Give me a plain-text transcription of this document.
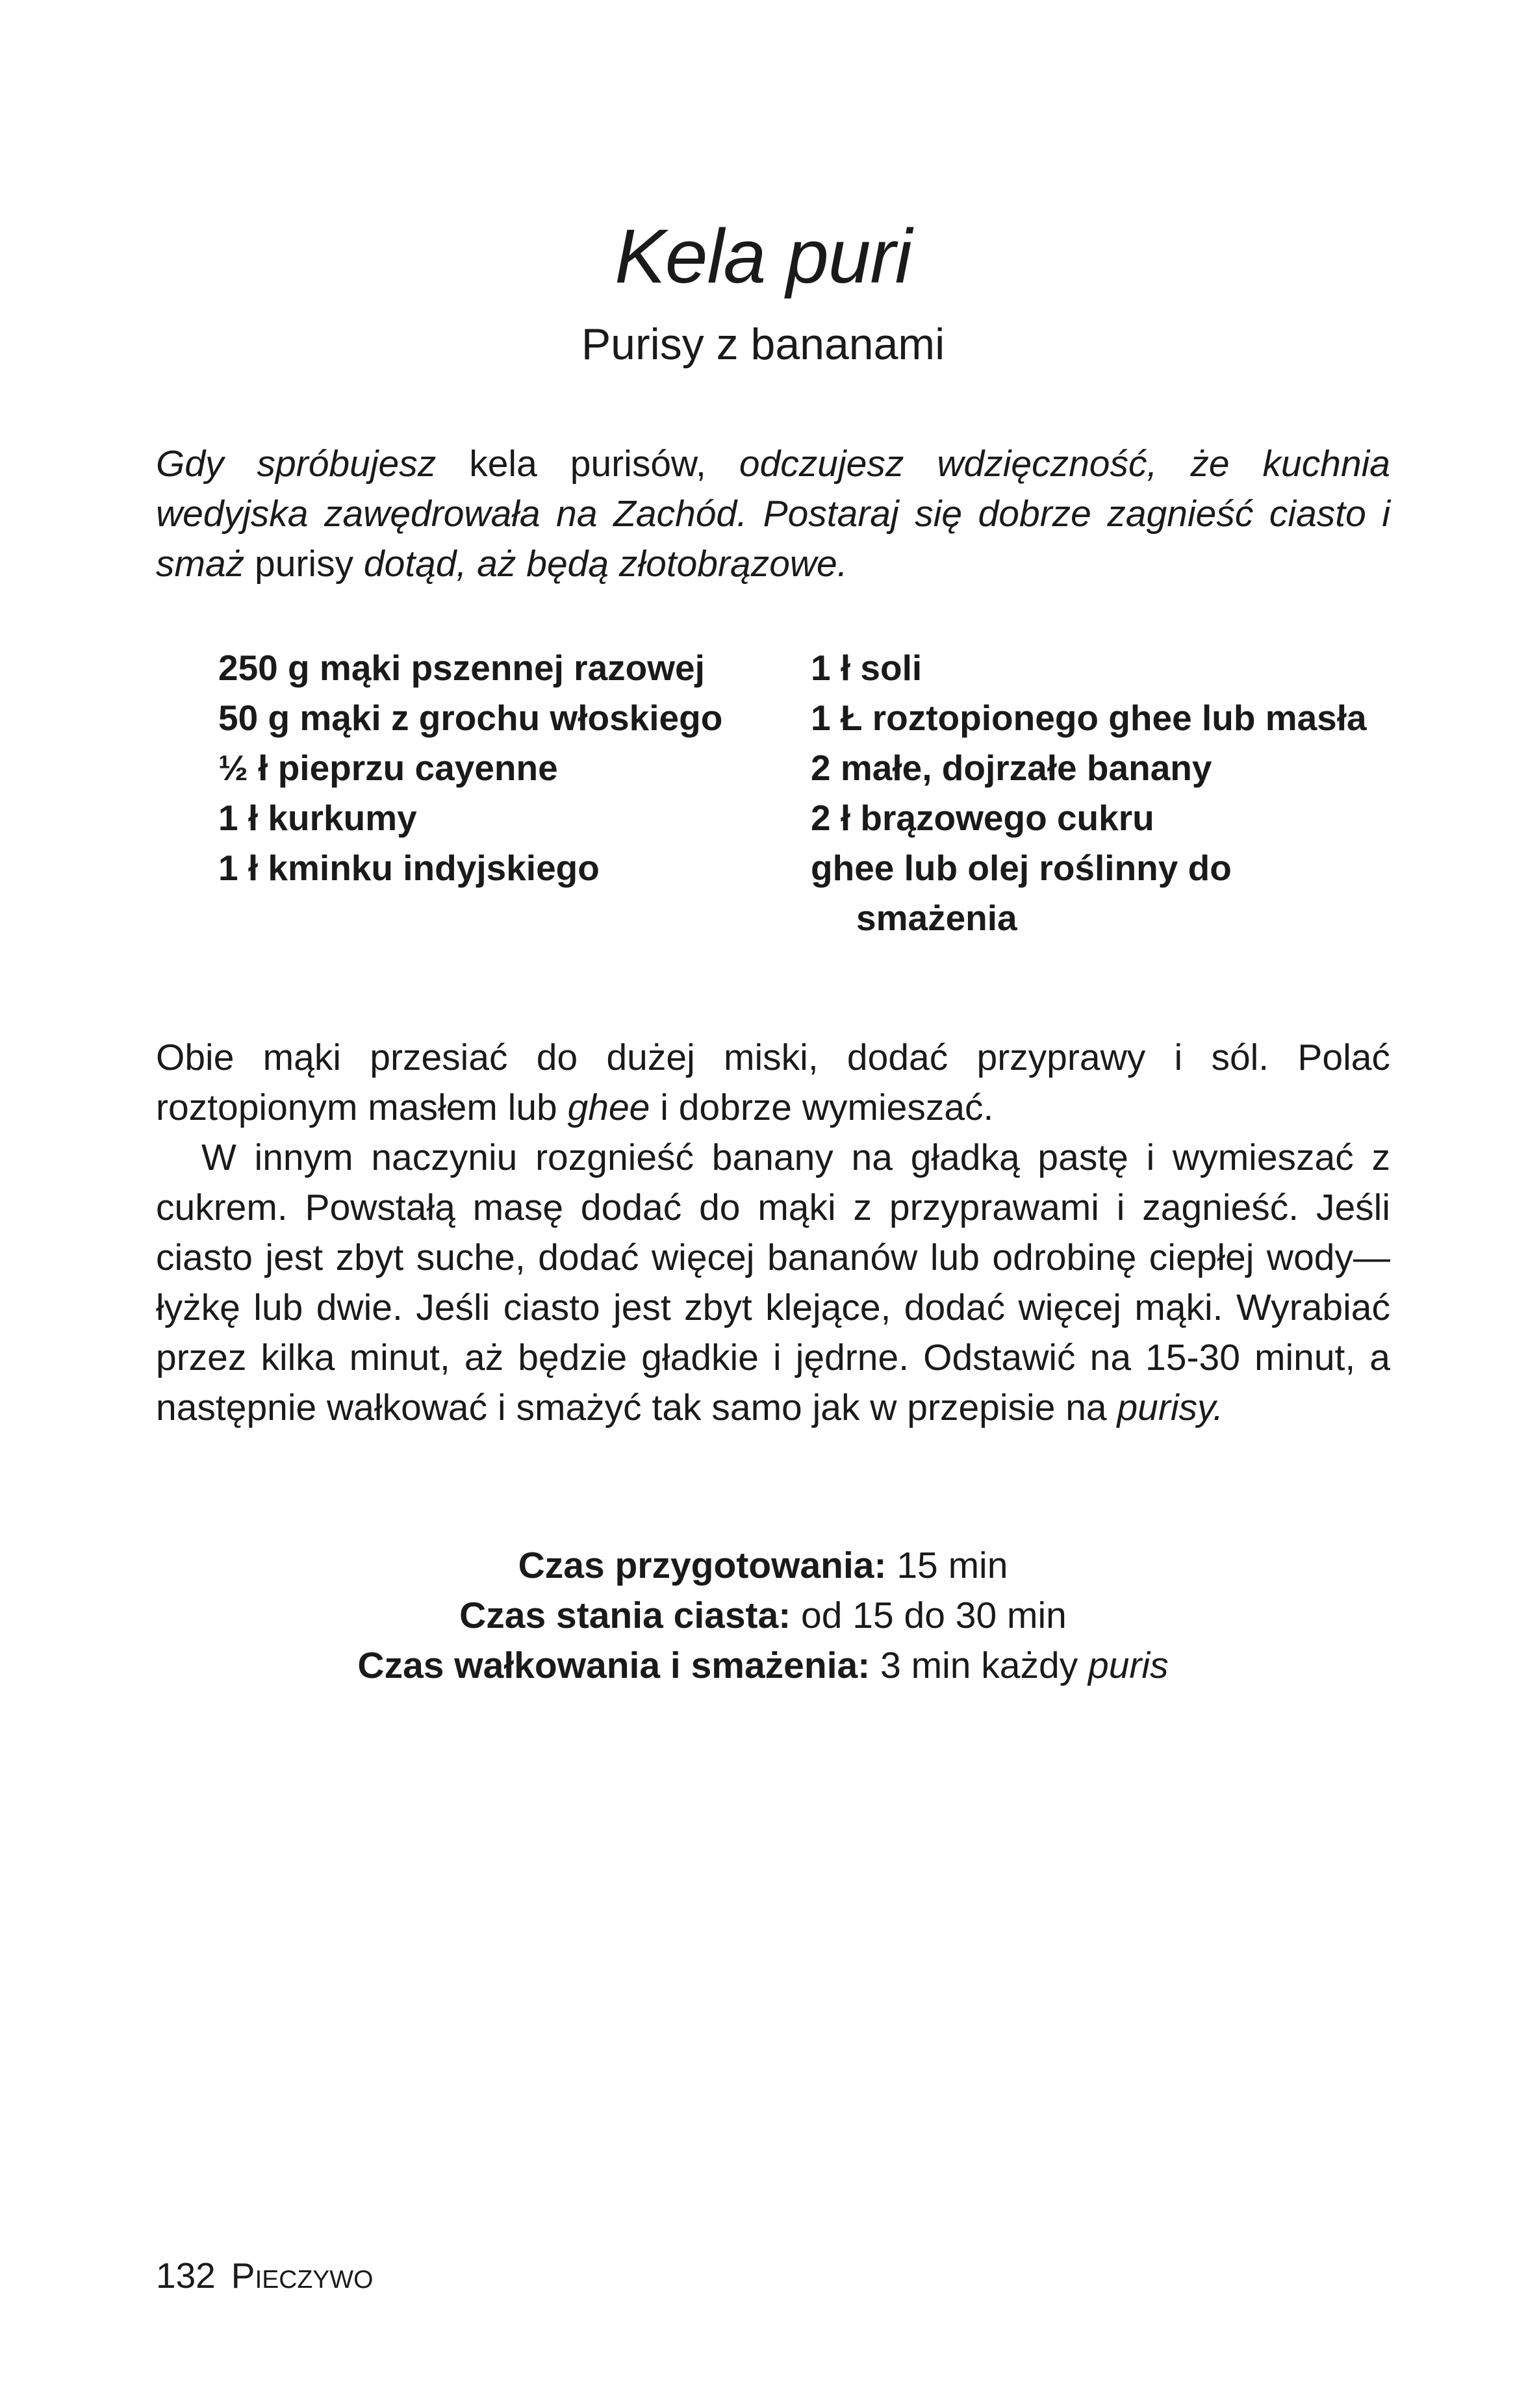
Kela puri
Purisy z bananami
Gdy spróbujesz kela purisów, odczujesz wdzięczność, że kuchnia wedyjska zawędrowała na Zachód. Postaraj się dobrze zagnieść ciasto i smaż purisy dotąd, aż będą złotobrązowe.
250 g mąki pszennej razowej
50 g mąki z grochu włoskiego
½ ł pieprzu cayenne
1 ł kurkumy
1 ł kminku indyjskiego
1 ł soli
1 Ł roztopionego ghee lub masła
2 małe, dojrzałe banany
2 ł brązowego cukru
ghee lub olej roślinny do smażenia

Obie mąki przesiać do dużej miski, dodać przyprawy i sól. Polać roztopionym masłem lub ghee i dobrze wymieszać.

W innym naczyniu rozgnieść banany na gładką pastę i wymieszać z cukrem. Powstałą masę dodać do mąki z przyprawami i zagnieść. Jeśli ciasto jest zbyt suche, dodać więcej bananów lub odrobinę ciepłej wody—łyżkę lub dwie. Jeśli ciasto jest zbyt klejące, dodać więcej mąki. Wyrabiać przez kilka minut, aż będzie gładkie i jędrne. Odstawić na 15-30 minut, a następnie wałkować i smażyć tak samo jak w przepisie na purisy.

Czas przygotowania: 15 min
Czas stania ciasta: od 15 do 30 min
Czas wałkowania i smażenia: 3 min każdy puris
132 Pieczywo
